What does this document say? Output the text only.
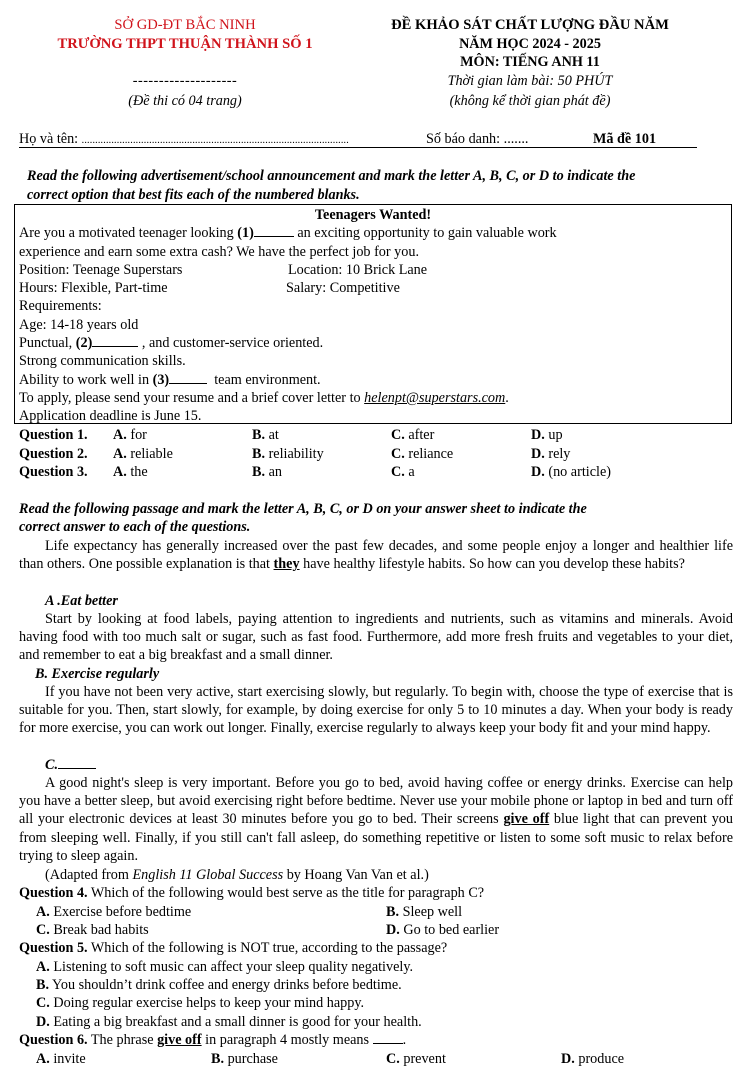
SỞ GD-ĐT BẮC NINH
TRƯỜNG THPT THUẬN THÀNH SỐ 1
--------------------
(Đề thi có 04 trang)
ĐỀ KHẢO SÁT CHẤT LƯỢNG ĐẦU NĂM
NĂM HỌC 2024 - 2025
MÔN: TIẾNG ANH 11
Thời gian làm bài: 50 PHÚT
(không kể thời gian phát đề)
Họ và tên: ...................................................................................................	Số báo danh: .......	Mã đề 101
Read the following advertisement/school announcement and mark the letter A, B, C, or D to indicate the
correct option that best fits each of the numbered blanks.
Teenagers Wanted!
Are you a motivated teenager looking (1)	an exciting opportunity to gain valuable work
experience and earn some extra cash? We have the perfect job for you.
Position: Teenage Superstars	Location: 10 Brick Lane
Hours: Flexible, Part-time	Salary: Competitive
Requirements:
Age: 14-18 years old
Punctual, (2)	, and customer-service oriented.
Strong communication skills.
Ability to work well in (3)	team environment.
To apply, please send your resume and a brief cover letter to helenpt@superstars.com.
Application deadline is June 15.
Question 1. A. for	B. at	C. after	D. up
Question 2. A. reliable	B. reliability	C. reliance	D. rely
Question 3. A. the	B. an	C. a	D. (no article)
Read the following passage and mark the letter A, B, C, or D on your answer sheet to indicate the
correct answer to each of the questions.
Life expectancy has generally increased over the past few decades, and some people enjoy a longer and healthier life than others. One possible explanation is that they have healthy lifestyle habits. So how can you develop these habits?
A .Eat better
Start by looking at food labels, paying attention to ingredients and nutrients, such as vitamins and minerals. Avoid having food with too much salt or sugar, such as fast food. Furthermore, add more fresh fruits and vegetables to your diet, and remember to eat a big breakfast and a small dinner.
B. Exercise regularly
If you have not been very active, start exercising slowly, but regularly. To begin with, choose the type of exercise that is suitable for you. Then, start slowly, for example, by doing exercise for only 5 to 10 minutes a day. When your body is ready for more exercise, you can work out longer. Finally, exercise regularly to always keep your body fit and your mind happy.
C.
A good night's sleep is very important. Before you go to bed, avoid having coffee or energy drinks. Exercise can help you have a better sleep, but avoid exercising right before bedtime. Never use your mobile phone or laptop in bed and turn off all your electronic devices at least 30 minutes before you go to bed. Their screens give off blue light that can prevent you from sleeping well. Finally, if you still can't fall asleep, do something repetitive or listen to some soft music to relax before trying to sleep again.
(Adapted from English 11 Global Success by Hoang Van Van et al.)
Question 4. Which of the following would best serve as the title for paragraph C?
A. Exercise before bedtime	B. Sleep well
C. Break bad habits	D. Go to bed earlier
Question 5. Which of the following is NOT true, according to the passage?
A. Listening to soft music can affect your sleep quality negatively.
B. You shouldn’t drink coffee and energy drinks before bedtime.
C. Doing regular exercise helps to keep your mind happy.
D. Eating a big breakfast and a small dinner is good for your health.
Question 6. The phrase give off in paragraph 4 mostly means .
A. invite	B. purchase	C. prevent	D. produce
